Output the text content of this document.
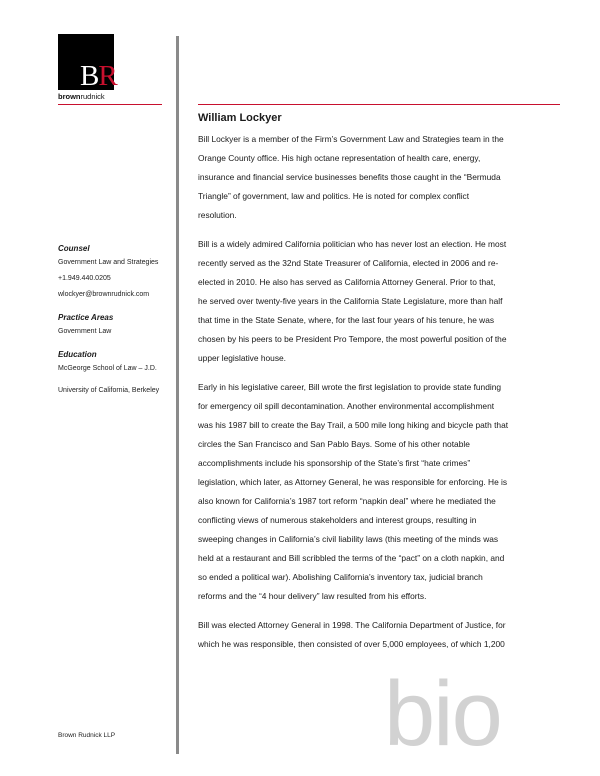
BR
brownrudnick
Counsel
Government Law and Strategies
+1.949.440.0205
wlockyer@brownrudnick.com
Practice Areas
Government Law
Education
McGeorge School of Law – J.D.
University of California, Berkeley
Brown Rudnick LLP	bio
William Lockyer
Bill Lockyer is a member of the Firm’s Government Law and Strategies team in the
Orange County office. His high octane representation of health care, energy,
insurance and financial service businesses benefits those caught in the “Bermuda
Triangle” of government, law and politics. He is noted for complex conflict
resolution.
Bill is a widely admired California politician who has never lost an election. He most
recently served as the 32nd State Treasurer of California, elected in 2006 and re-
elected in 2010. He also has served as California Attorney General. Prior to that,
he served over twenty-five years in the California State Legislature, more than half
that time in the State Senate, where, for the last four years of his tenure, he was
chosen by his peers to be President Pro Tempore, the most powerful position of the
upper legislative house.
Early in his legislative career, Bill wrote the first legislation to provide state funding
for emergency oil spill decontamination. Another environmental accomplishment
was his 1987 bill to create the Bay Trail, a 500 mile long hiking and bicycle path that
circles the San Francisco and San Pablo Bays. Some of his other notable
accomplishments include his sponsorship of the State’s first “hate crimes”
legislation, which later, as Attorney General, he was responsible for enforcing. He is
also known for California’s 1987 tort reform “napkin deal” where he mediated the
conflicting views of numerous stakeholders and interest groups, resulting in
sweeping changes in California’s civil liability laws (this meeting of the minds was
held at a restaurant and Bill scribbled the terms of the “pact” on a cloth napkin, and
so ended a political war). Abolishing California’s inventory tax, judicial branch
reforms and the “4 hour delivery” law resulted from his efforts.
Bill was elected Attorney General in 1998. The California Department of Justice, for
which he was responsible, then consisted of over 5,000 employees, of which 1,200
